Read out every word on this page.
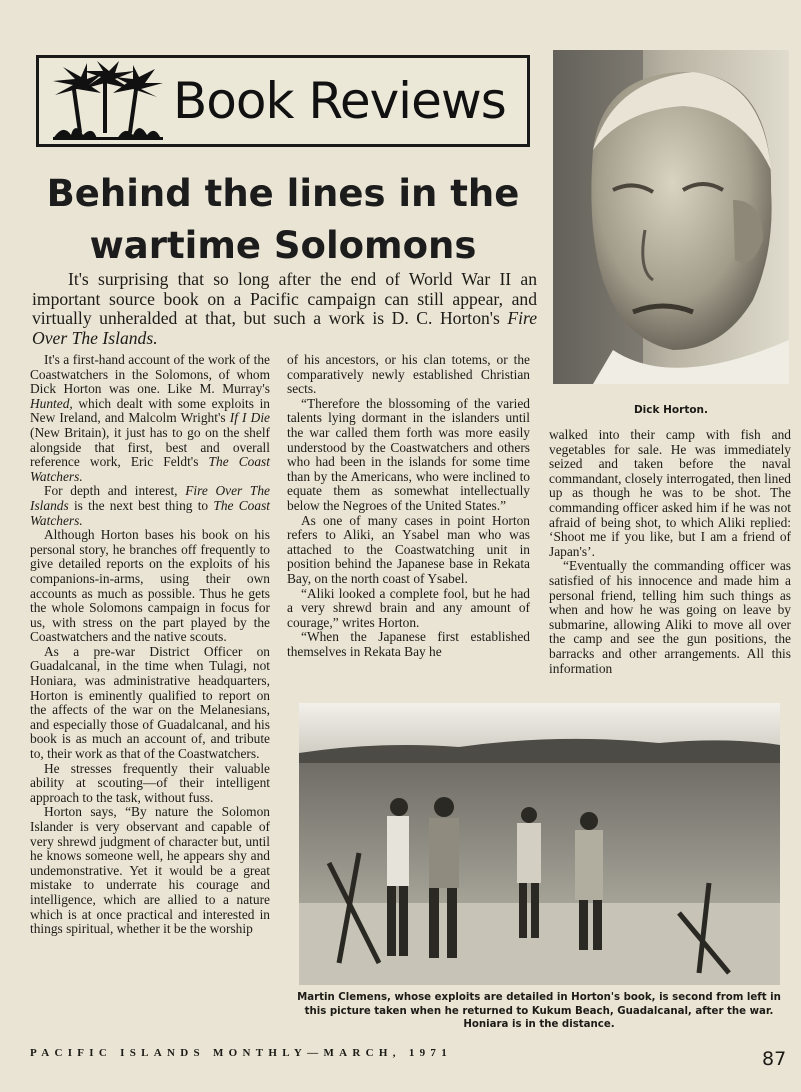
Book Reviews
Behind the lines in the wartime Solomons

It's surprising that so long after the end of World War II an important source book on a Pacific campaign can still appear, and virtually unheralded at that, but such a work is D. C. Horton's Fire Over The Islands.

Dick Horton.

It's a first-hand account of the work of the Coastwatchers in the Solomons, of whom Dick Horton was one. Like M. Murray's Hunted, which dealt with some exploits in New Ireland, and Malcolm Wright's If I Die (New Britain), it just has to go on the shelf alongside that first, best and overall reference work, Eric Feldt's The Coast Watchers.

For depth and interest, Fire Over The Islands is the next best thing to The Coast Watchers.

Although Horton bases his book on his personal story, he branches off frequently to give detailed reports on the exploits of his companions-in-arms, using their own accounts as much as possible. Thus he gets the whole Solomons campaign in focus for us, with stress on the part played by the Coastwatchers and the native scouts.

As a pre-war District Officer on Guadalcanal, in the time when Tulagi, not Honiara, was administrative headquarters, Horton is eminently qualified to report on the affects of the war on the Melanesians, and especially those of Guadalcanal, and his book is as much an account of, and tribute to, their work as that of the Coastwatchers.

He stresses frequently their valuable ability at scouting—of their intelligent approach to the task, without fuss.

Horton says, “By nature the Solomon Islander is very observant and capable of very shrewd judgment of character but, until he knows someone well, he appears shy and undemonstrative. Yet it would be a great mistake to underrate his courage and intelligence, which are allied to a nature which is at once practical and interested in things spiritual, whether it be the worship

of his ancestors, or his clan totems, or the comparatively newly established Christian sects.

“Therefore the blossoming of the varied talents lying dormant in the islanders until the war called them forth was more easily understood by the Coastwatchers and others who had been in the islands for some time than by the Americans, who were inclined to equate them as somewhat intellectually below the Negroes of the United States.”

As one of many cases in point Horton refers to Aliki, an Ysabel man who was attached to the Coastwatching unit in position behind the Japanese base in Rekata Bay, on the north coast of Ysabel.

“Aliki looked a complete fool, but he had a very shrewd brain and any amount of courage,” writes Horton.

“When the Japanese first established themselves in Rekata Bay he

walked into their camp with fish and vegetables for sale. He was immediately seized and taken before the naval commandant, closely interrogated, then lined up as though he was to be shot. The commanding officer asked him if he was not afraid of being shot, to which Aliki replied: ‘Shoot me if you like, but I am a friend of Japan's’.

“Eventually the commanding officer was satisfied of his innocence and made him a personal friend, telling him such things as when and how he was going on leave by submarine, allowing Aliki to move all over the camp and see the gun positions, the barracks and other arrangements. All this information

Martin Clemens, whose exploits are detailed in Horton's book, is second from left in this picture taken when he returned to Kukum Beach, Guadalcanal, after the war. Honiara is in the distance.
PACIFIC ISLANDS MONTHLY—MARCH, 1971	87
